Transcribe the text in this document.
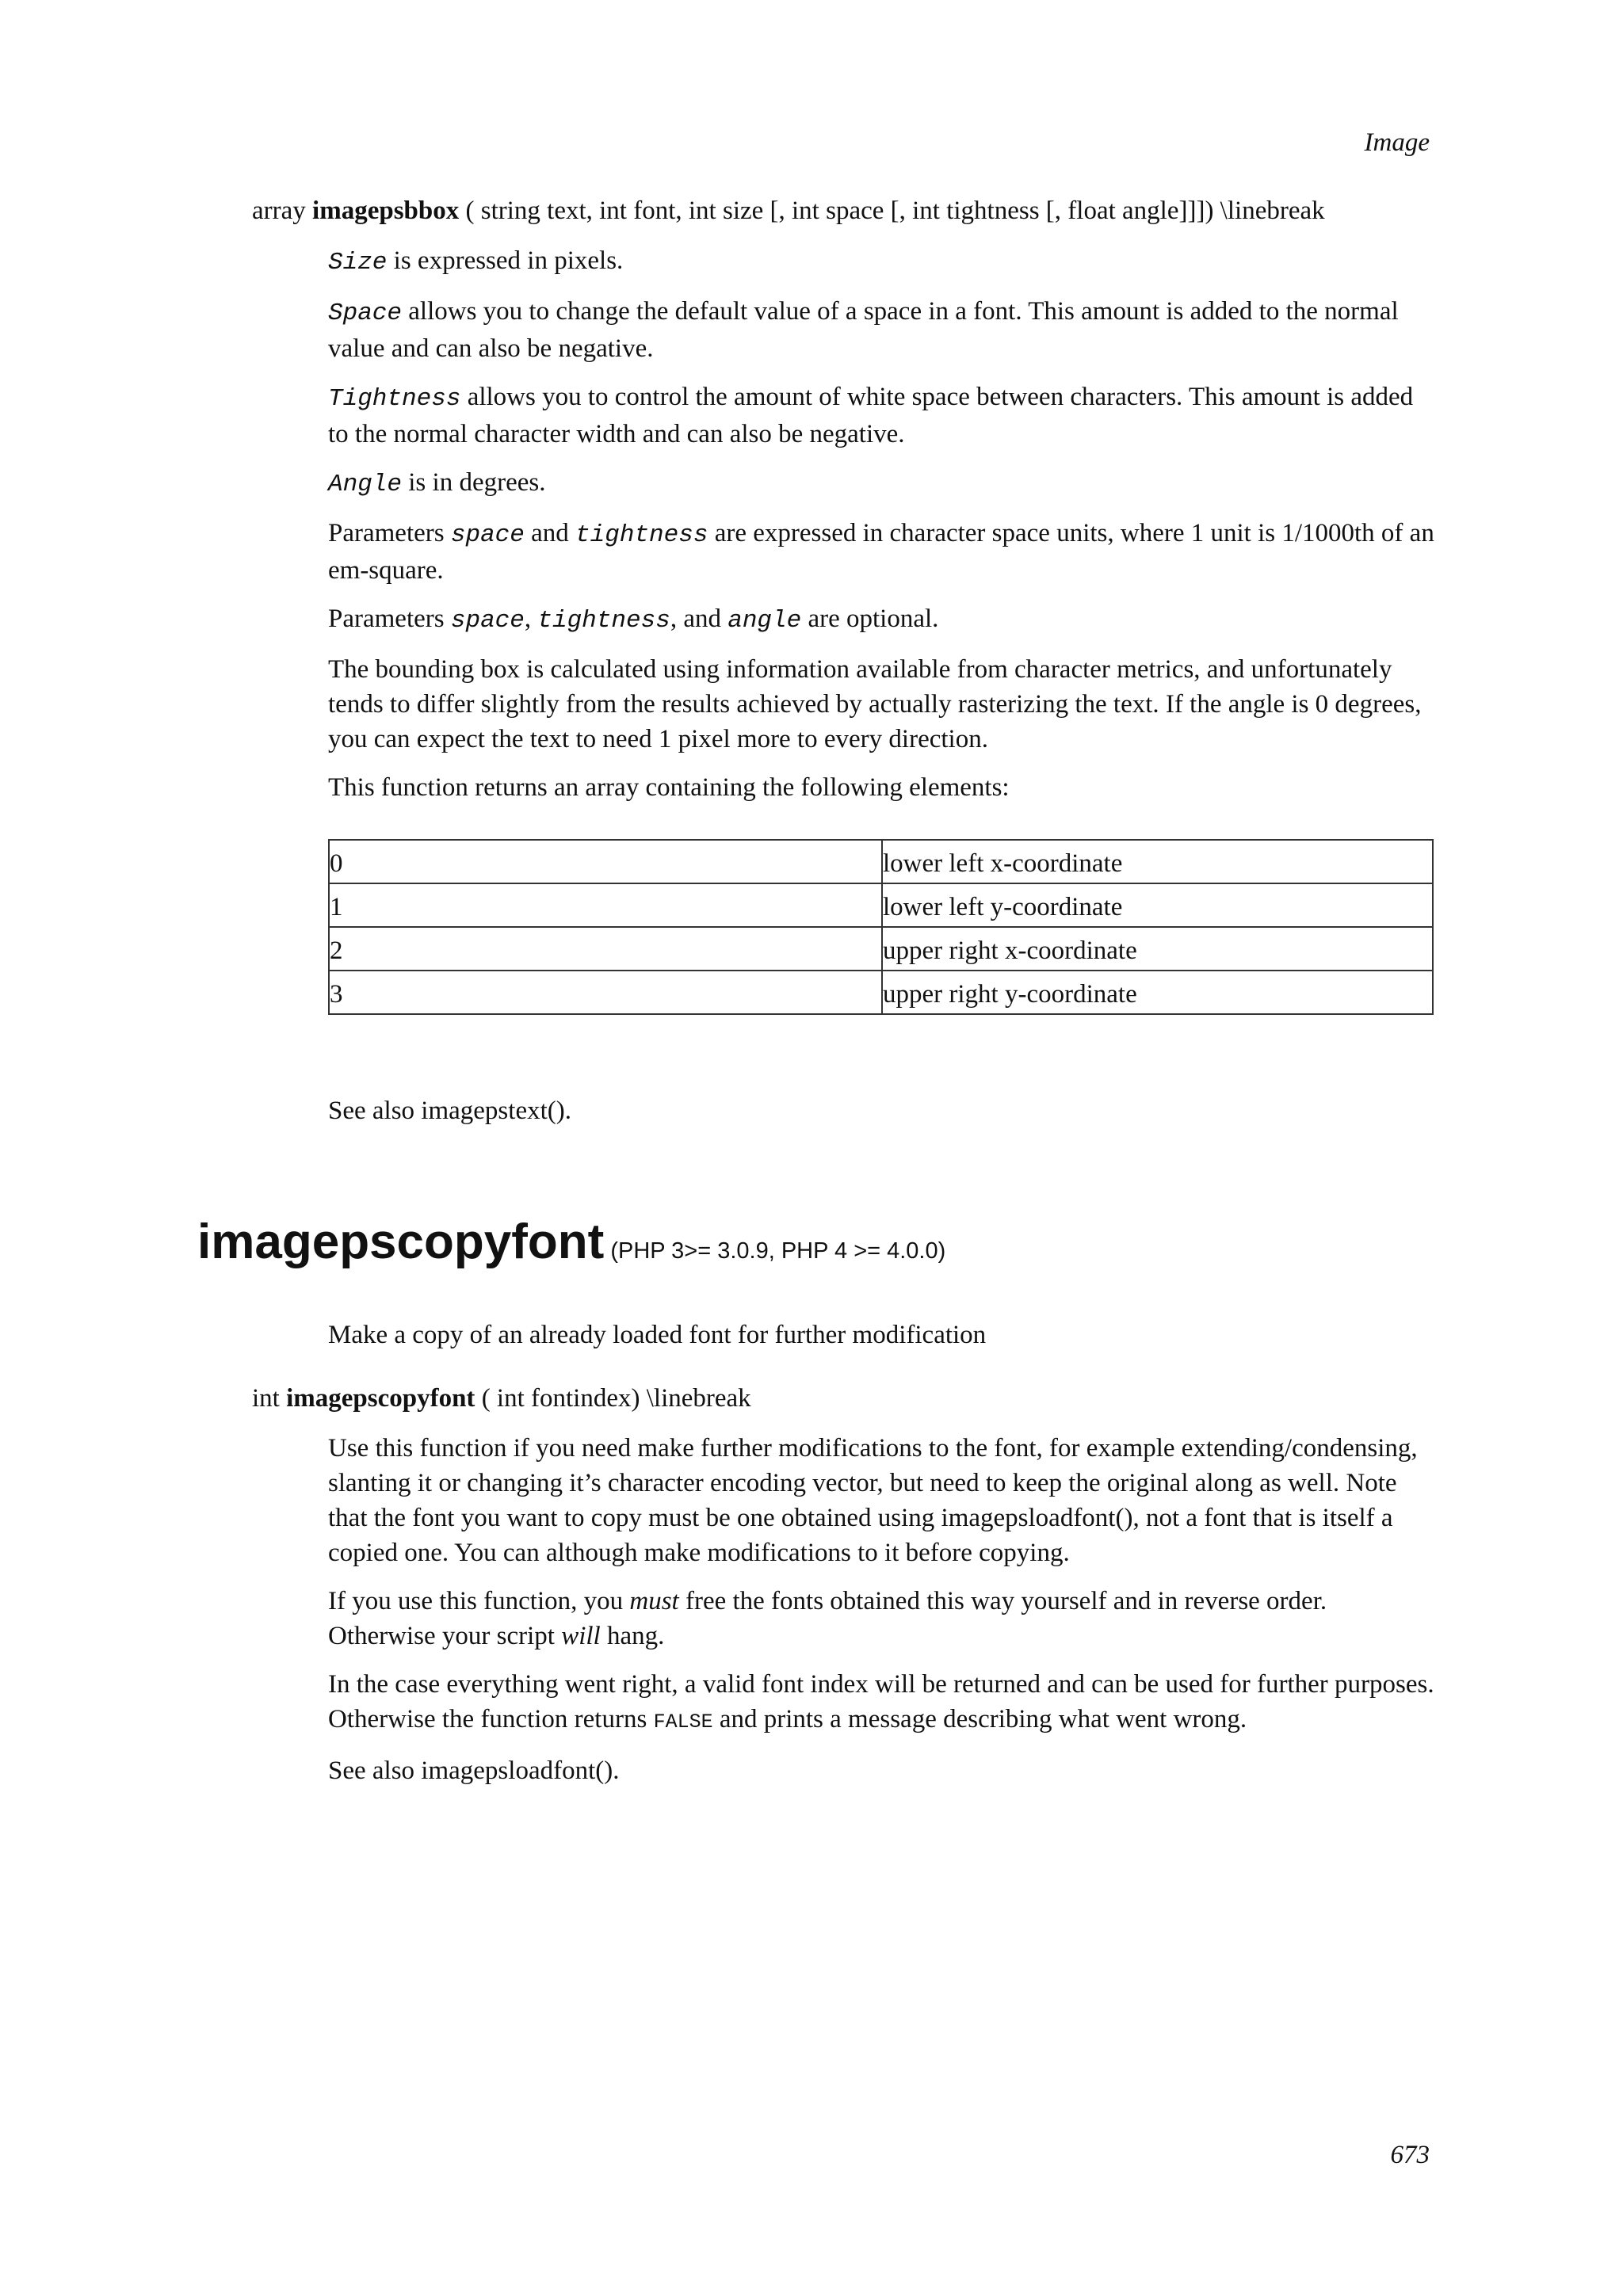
Image
array imagepsbbox ( string text, int font, int size [, int space [, int tightness [, float angle]]]) \linebreak

Size is expressed in pixels.

Space allows you to change the default value of a space in a font. This amount is added to the normal value and can also be negative.

Tightness allows you to control the amount of white space between characters. This amount is added to the normal character width and can also be negative.

Angle is in degrees.

Parameters space and tightness are expressed in character space units, where 1 unit is 1/1000th of an em-square.

Parameters space, tightness, and angle are optional.

The bounding box is calculated using information available from character metrics, and unfortunately tends to differ slightly from the results achieved by actually rasterizing the text. If the angle is 0 degrees, you can expect the text to need 1 pixel more to every direction.

This function returns an array containing the following elements:

0	lower left x-coordinate
1	lower left y-coordinate
2	upper right x-coordinate
3	upper right y-coordinate

See also imagepstext().

imagepscopyfont (PHP 3>= 3.0.9, PHP 4 >= 4.0.0)

Make a copy of an already loaded font for further modification

int imagepscopyfont ( int fontindex) \linebreak

Use this function if you need make further modifications to the font, for example extending/condensing, slanting it or changing it’s character encoding vector, but need to keep the original along as well. Note that the font you want to copy must be one obtained using imagepsloadfont(), not a font that is itself a copied one. You can although make modifications to it before copying.

If you use this function, you must free the fonts obtained this way yourself and in reverse order. Otherwise your script will hang.

In the case everything went right, a valid font index will be returned and can be used for further purposes. Otherwise the function returns FALSE and prints a message describing what went wrong.

See also imagepsloadfont().

673
